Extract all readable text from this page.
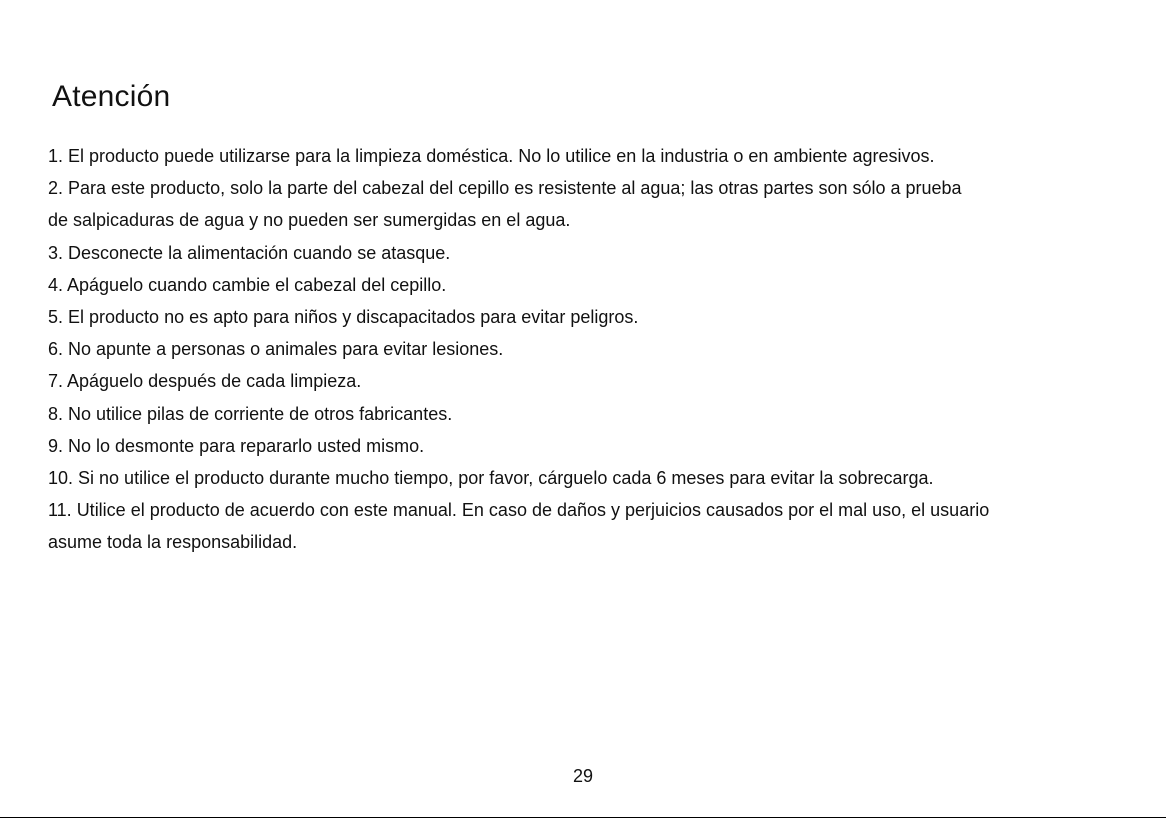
Atención

1. El producto puede utilizarse para la limpieza doméstica. No lo utilice en la industria o en ambiente agresivos.

2. Para este producto, solo la parte del cabezal del cepillo es resistente al agua; las otras partes son sólo a prueba

de salpicaduras de agua y no pueden ser sumergidas en el agua.

3. Desconecte la alimentación cuando se atasque.

4. Apáguelo cuando cambie el cabezal del cepillo.

5. El producto no es apto para niños y discapacitados para evitar peligros.

6. No apunte a personas o animales para evitar lesiones.

7. Apáguelo después de cada limpieza.

8. No utilice pilas de corriente de otros fabricantes.

9. No lo desmonte para repararlo usted mismo.

10. Si no utilice el producto durante mucho tiempo, por favor, cárguelo cada 6 meses para evitar la sobrecarga.

11. Utilice el producto de acuerdo con este manual. En caso de daños y perjuicios causados por el mal uso, el usuario

asume toda la responsabilidad.

29
